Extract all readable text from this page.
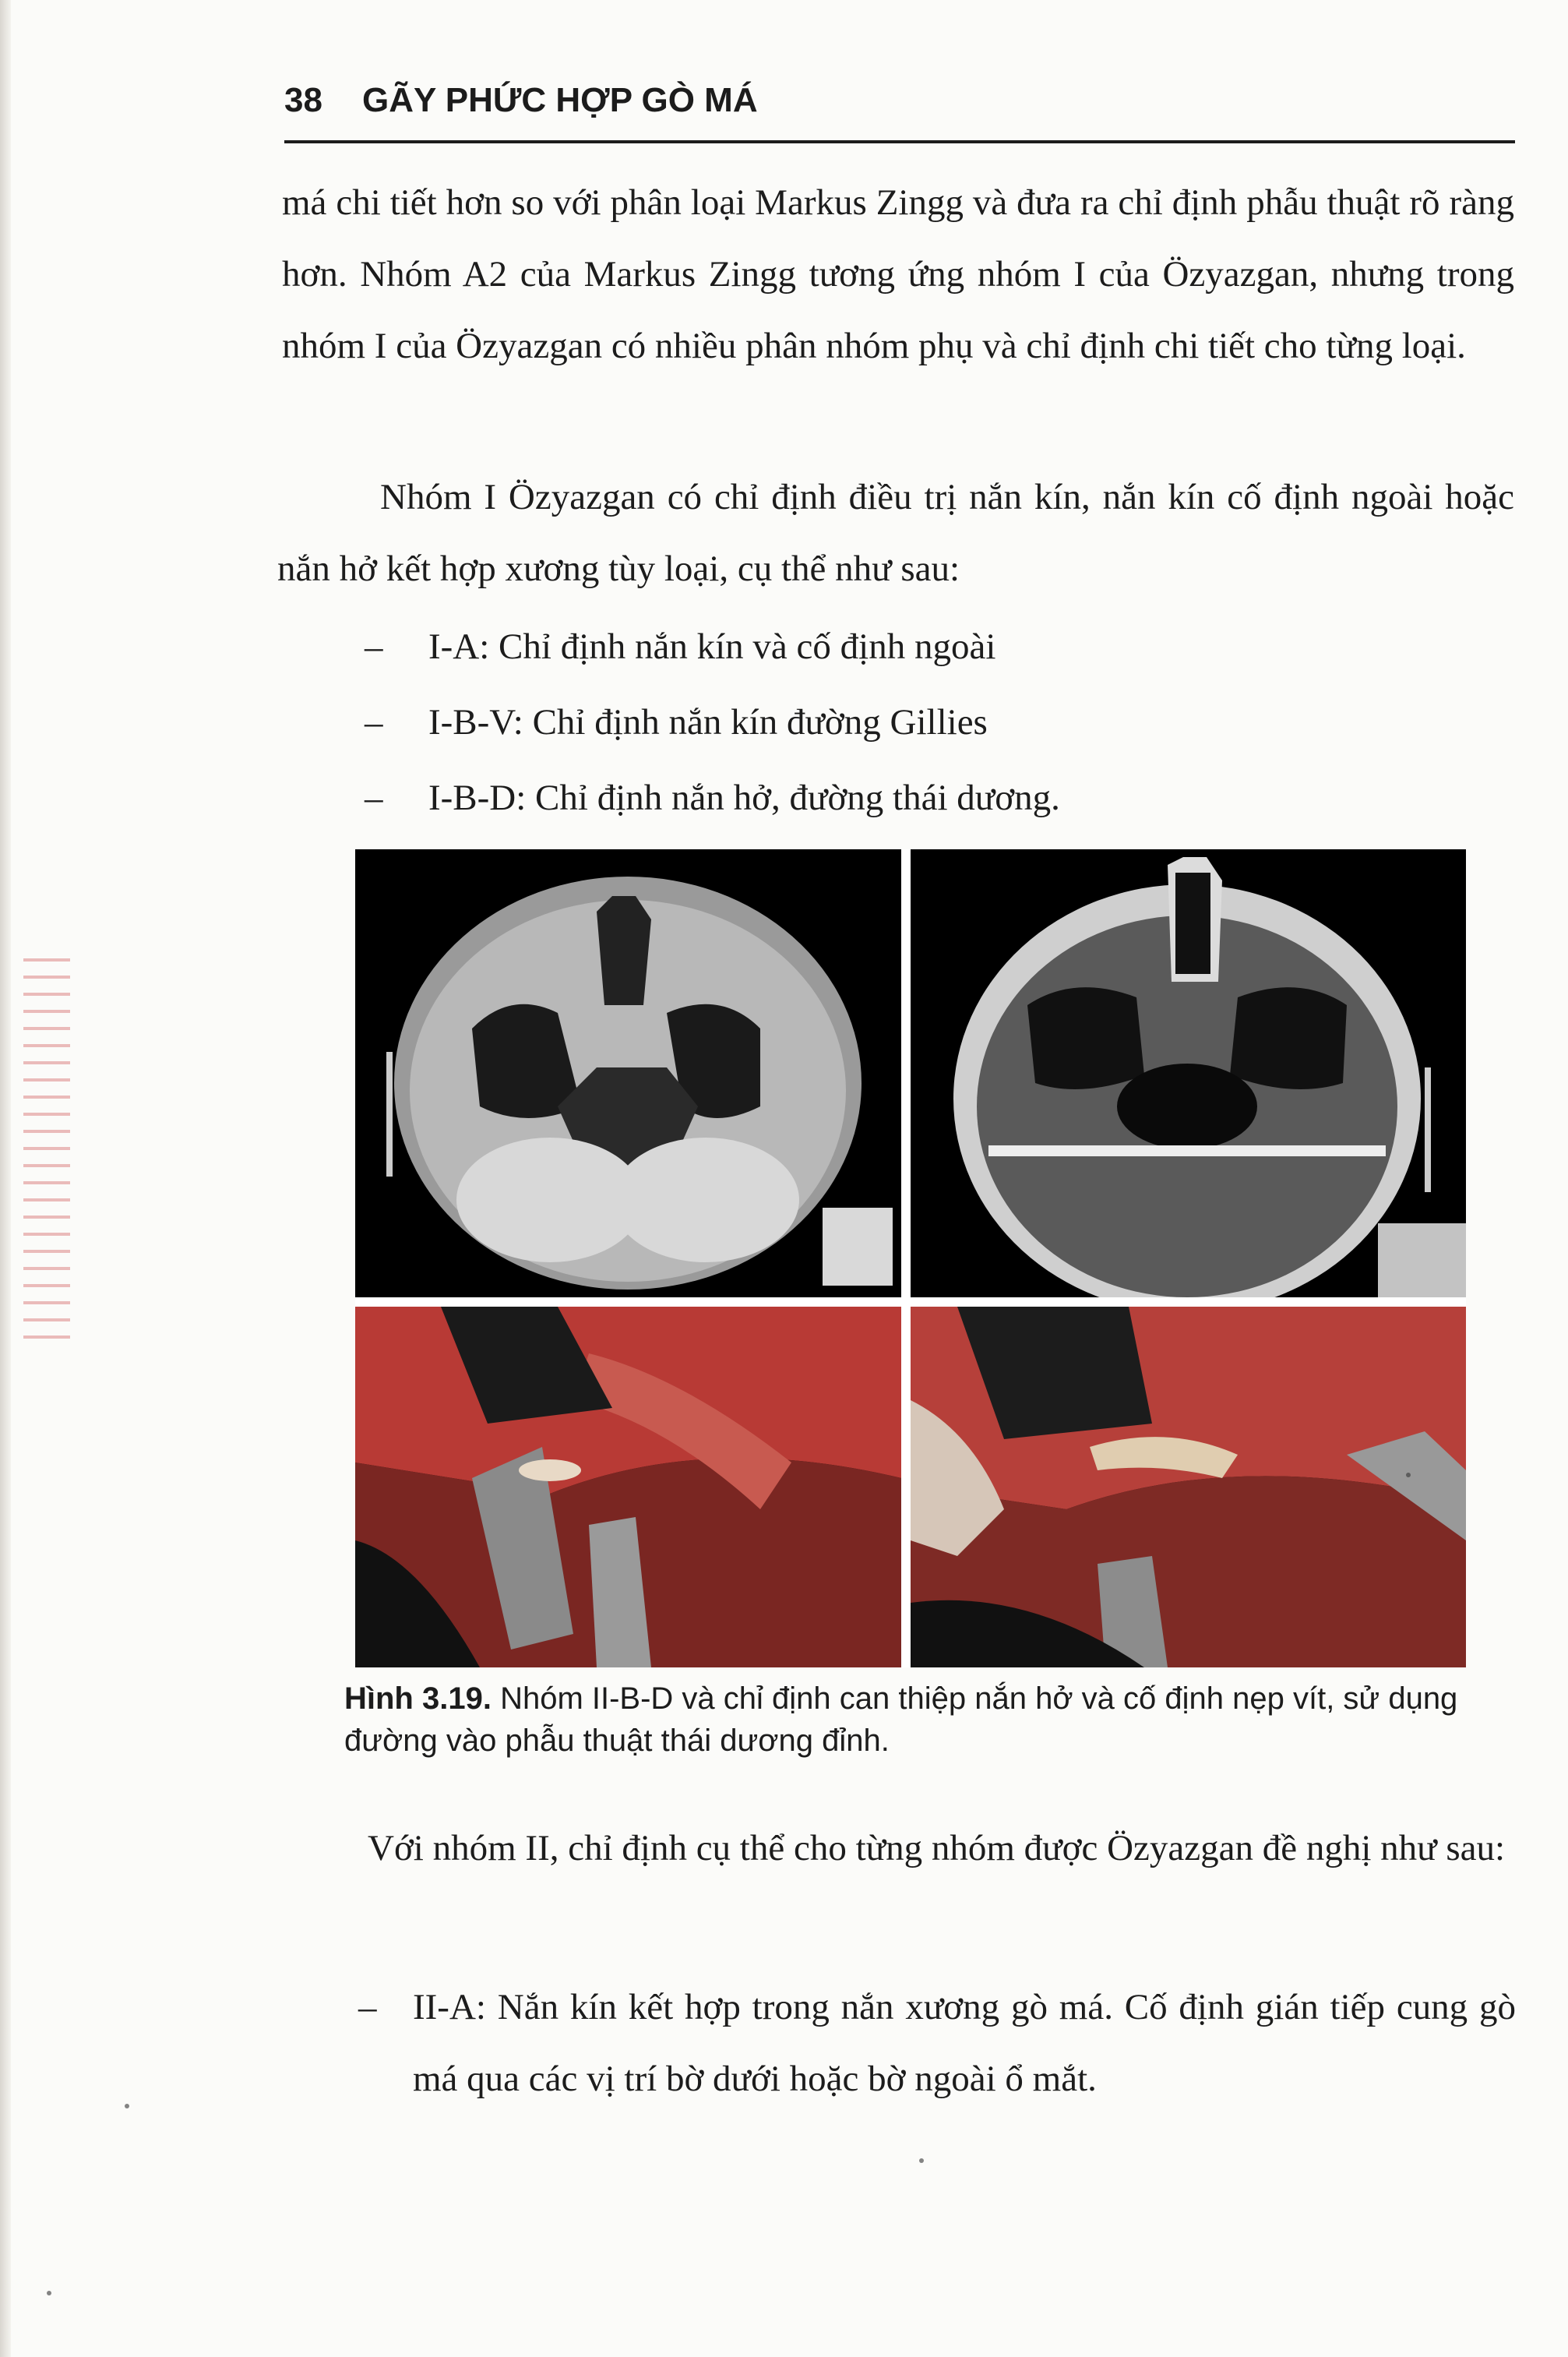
38 GÃY PHỨC HỢP GÒ MÁ

má chi tiết hơn so với phân loại Markus Zingg và đưa ra chỉ định phẫu thuật rõ ràng hơn. Nhóm A2 của Markus Zingg tương ứng nhóm I của Özyazgan, nhưng trong nhóm I của Özyazgan có nhiều phân nhóm phụ và chỉ định chi tiết cho từng loại.

Nhóm I Özyazgan có chỉ định điều trị nắn kín, nắn kín cố định ngoài hoặc nắn hở kết hợp xương tùy loại, cụ thể như sau:

– I-A: Chỉ định nắn kín và cố định ngoài
– I-B-V: Chỉ định nắn kín đường Gillies
– I-B-D: Chỉ định nắn hở, đường thái dương.
Hình 3.19. Nhóm II-B-D và chỉ định can thiệp nắn hở và cố định nẹp vít, sử dụng đường vào phẫu thuật thái dương đỉnh.

Với nhóm II, chỉ định cụ thể cho từng nhóm được Özyazgan đề nghị như sau:

– II-A: Nắn kín kết hợp trong nắn xương gò má. Cố định gián tiếp cung gò má qua các vị trí bờ dưới hoặc bờ ngoài ổ mắt.
